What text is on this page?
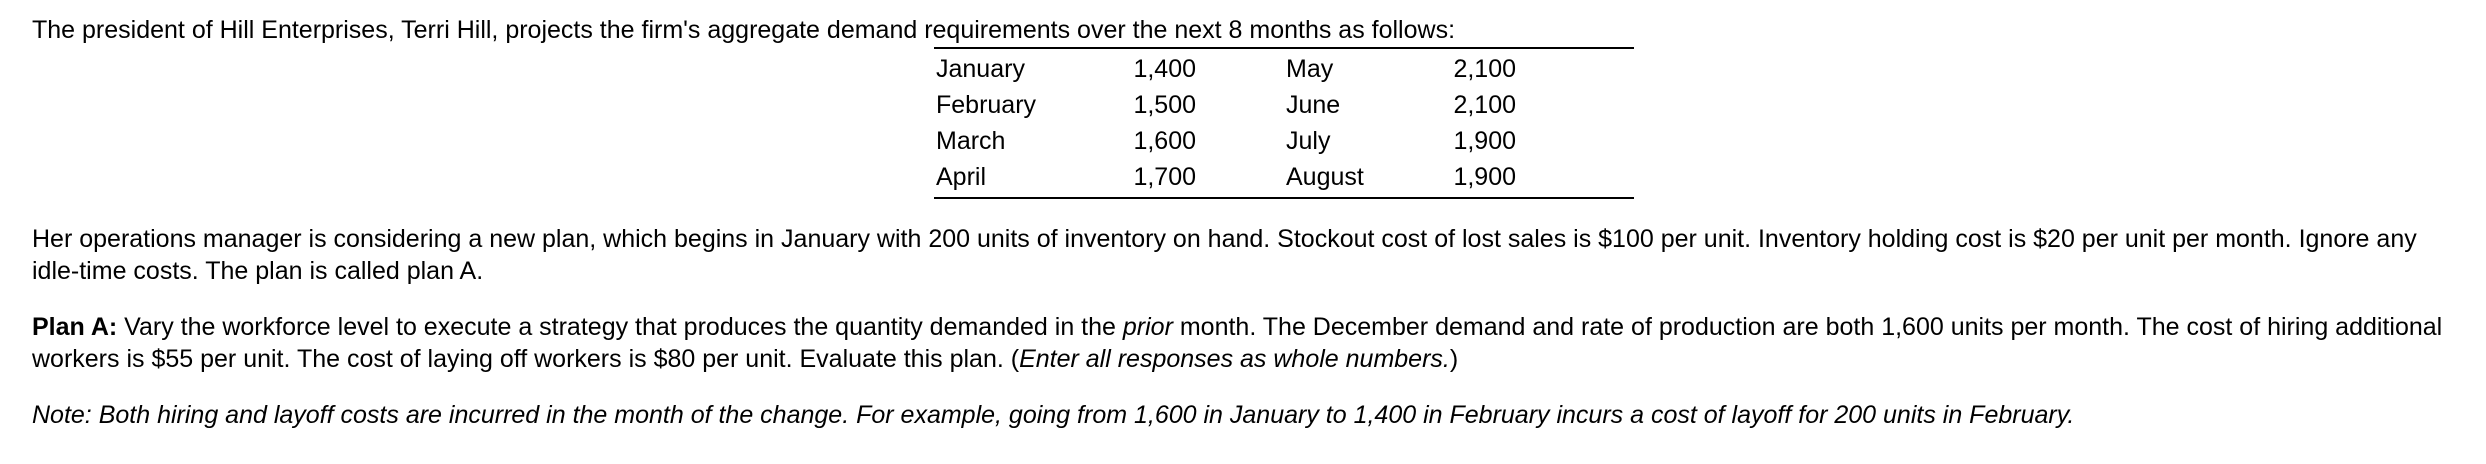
The president of Hill Enterprises, Terri Hill, projects the firm's aggregate demand requirements over the next 8 months as follows:

January	1,400	May	2,100
February	1,500	June	2,100
March	1,600	July	1,900
April	1,700	August	1,900

Her operations manager is considering a new plan, which begins in January with 200 units of inventory on hand. Stockout cost of lost sales is $100 per unit. Inventory holding cost is $20 per unit per month. Ignore any idle-time costs. The plan is called plan A.

Plan A: Vary the workforce level to execute a strategy that produces the quantity demanded in the prior month. The December demand and rate of production are both 1,600 units per month. The cost of hiring additional workers is $55 per unit. The cost of laying off workers is $80 per unit. Evaluate this plan. (Enter all responses as whole numbers.)

Note: Both hiring and layoff costs are incurred in the month of the change. For example, going from 1,600 in January to 1,400 in February incurs a cost of layoff for 200 units in February.
